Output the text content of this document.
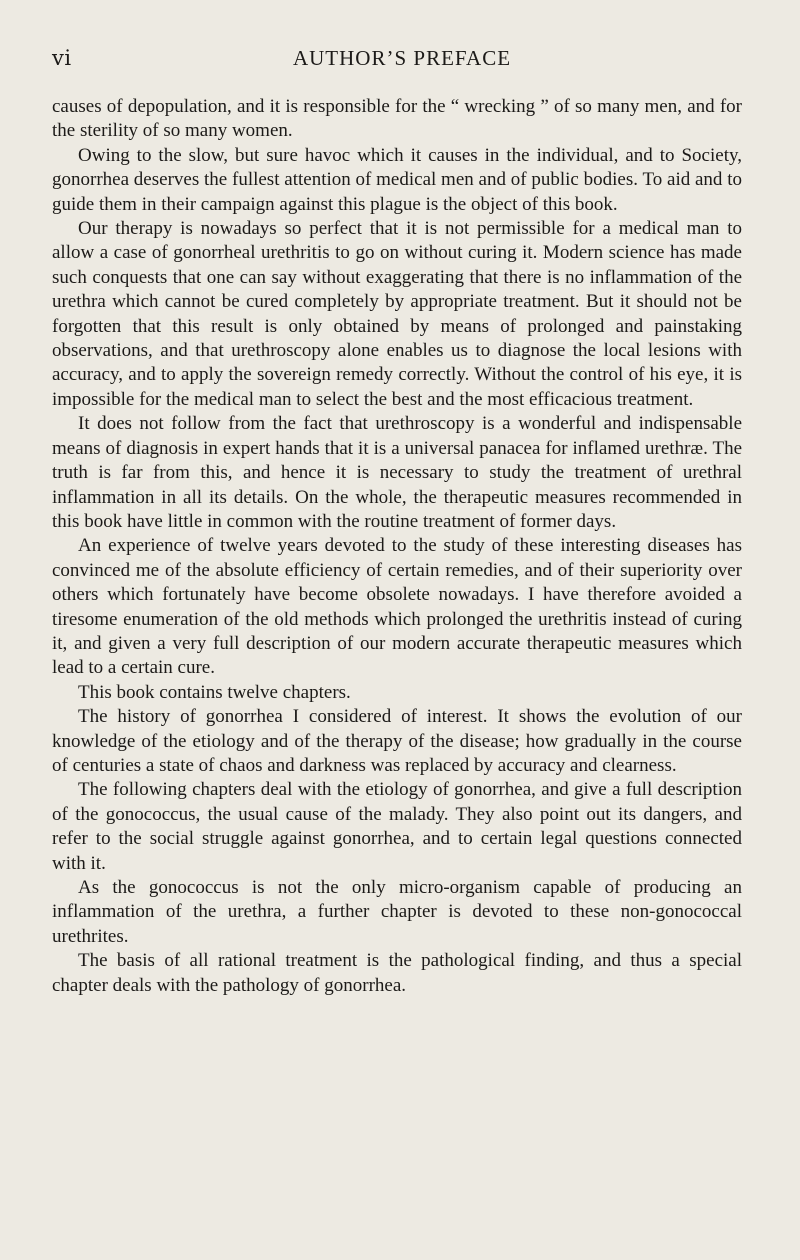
vi	AUTHOR’S PREFACE

causes of depopulation, and it is responsible for the “ wrecking ” of so many men, and for the sterility of so many women.

Owing to the slow, but sure havoc which it causes in the individual, and to Society, gonorrhea deserves the fullest attention of medical men and of public bodies. To aid and to guide them in their campaign against this plague is the object of this book.

Our therapy is nowadays so perfect that it is not permissible for a medical man to allow a case of gonorrheal urethritis to go on without curing it. Modern science has made such conquests that one can say without exaggerating that there is no inflammation of the urethra which cannot be cured completely by appropriate treatment. But it should not be forgotten that this result is only obtained by means of prolonged and painstaking observations, and that urethroscopy alone enables us to diagnose the local lesions with accuracy, and to apply the sovereign remedy correctly. Without the control of his eye, it is impossible for the medical man to select the best and the most efficacious treatment.

It does not follow from the fact that urethroscopy is a wonderful and indispensable means of diagnosis in expert hands that it is a universal panacea for inflamed urethræ. The truth is far from this, and hence it is necessary to study the treatment of urethral inflammation in all its details. On the whole, the therapeutic measures recommended in this book have little in common with the routine treatment of former days.

An experience of twelve years devoted to the study of these interesting diseases has convinced me of the absolute efficiency of certain remedies, and of their superiority over others which fortunately have become obsolete nowadays. I have therefore avoided a tiresome enumeration of the old methods which prolonged the urethritis instead of curing it, and given a very full description of our modern accurate therapeutic measures which lead to a certain cure.

This book contains twelve chapters.

The history of gonorrhea I considered of interest. It shows the evolution of our knowledge of the etiology and of the therapy of the disease; how gradually in the course of centuries a state of chaos and darkness was replaced by accuracy and clearness.

The following chapters deal with the etiology of gonorrhea, and give a full description of the gonococcus, the usual cause of the malady. They also point out its dangers, and refer to the social struggle against gonorrhea, and to certain legal questions connected with it.

As the gonococcus is not the only micro-organism capable of producing an inflammation of the urethra, a further chapter is devoted to these non-gonococcal urethrites.

The basis of all rational treatment is the pathological finding, and thus a special chapter deals with the pathology of gonorrhea.
